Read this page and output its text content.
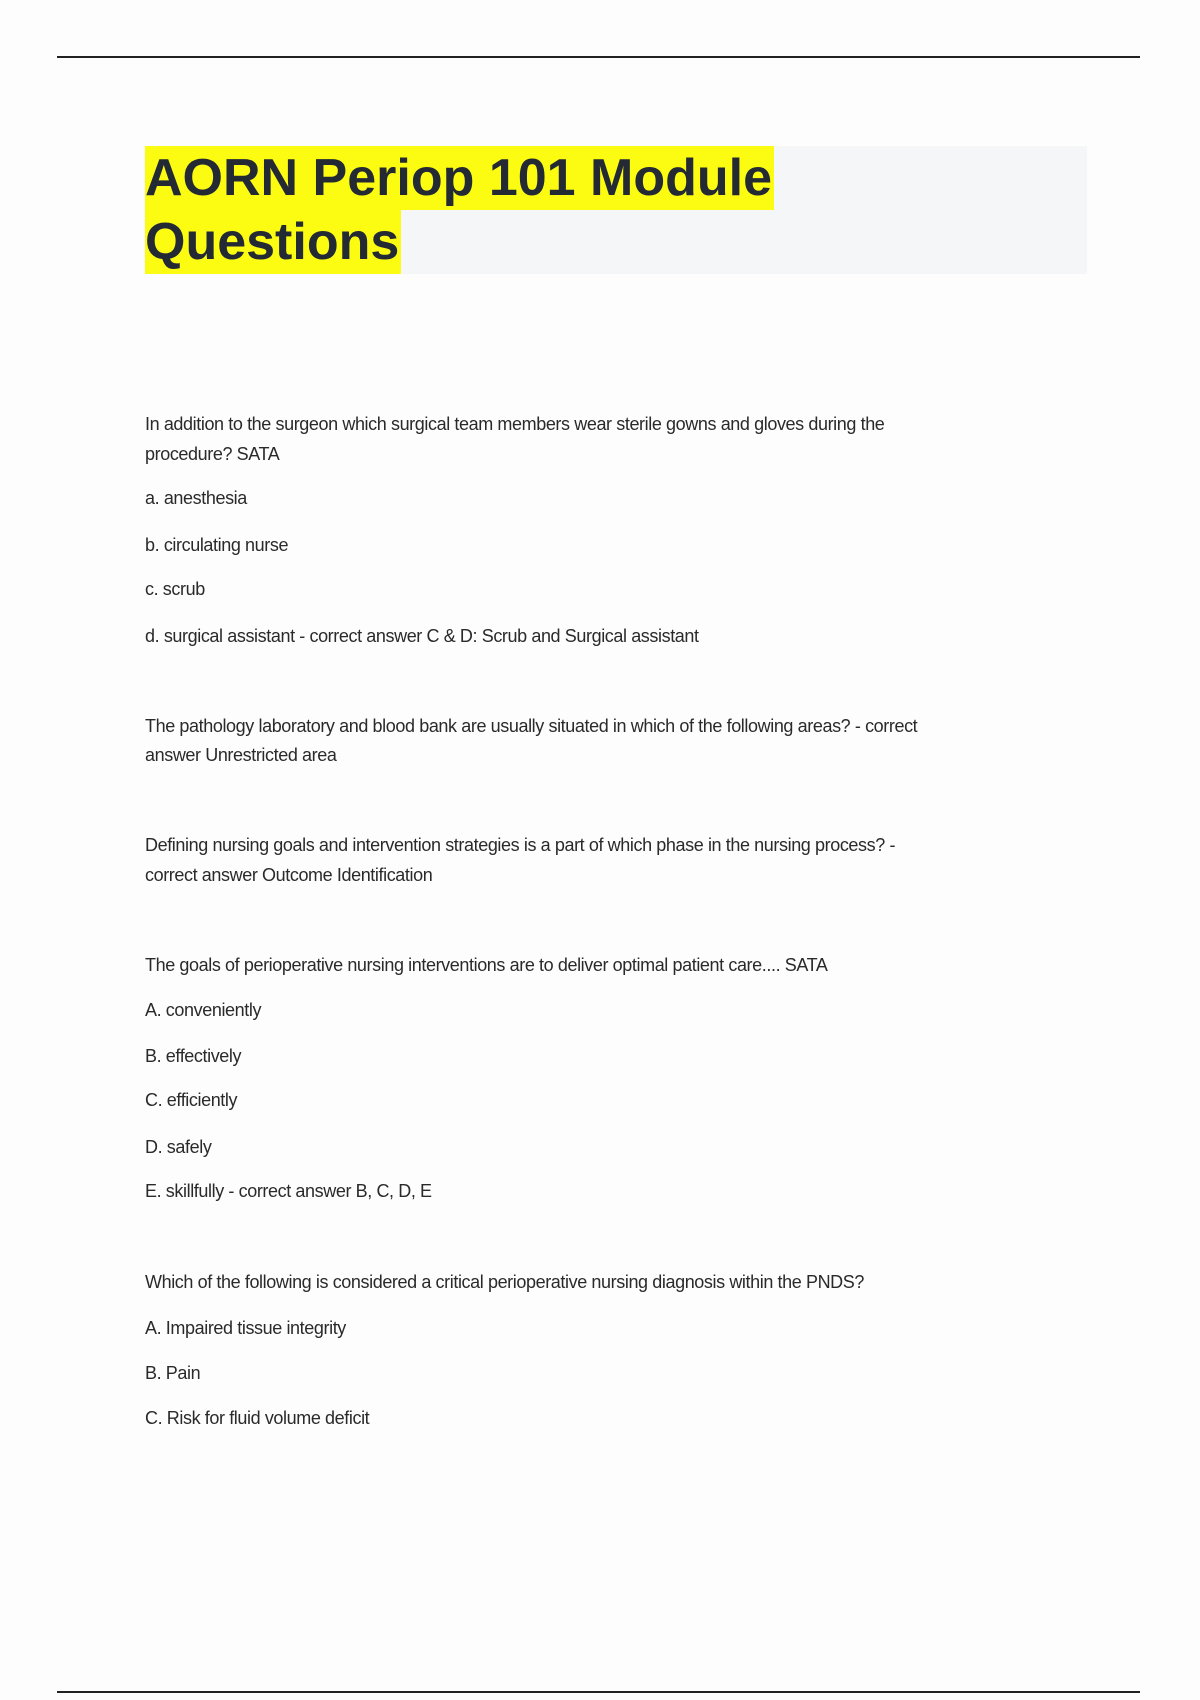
AORN Periop 101 Module
Questions
In addition to the surgeon which surgical team members wear sterile gowns and gloves during the
procedure? SATA
a. anesthesia
b. circulating nurse
c. scrub
d. surgical assistant - correct answer C & D: Scrub and Surgical assistant
The pathology laboratory and blood bank are usually situated in which of the following areas? - correct
answer Unrestricted area
Defining nursing goals and intervention strategies is a part of which phase in the nursing process? -
correct answer Outcome Identification
The goals of perioperative nursing interventions are to deliver optimal patient care.... SATA
A. conveniently
B. effectively
C. efficiently
D. safely
E. skillfully - correct answer B, C, D, E
Which of the following is considered a critical perioperative nursing diagnosis within the PNDS?
A. Impaired tissue integrity
B. Pain
C. Risk for fluid volume deficit
